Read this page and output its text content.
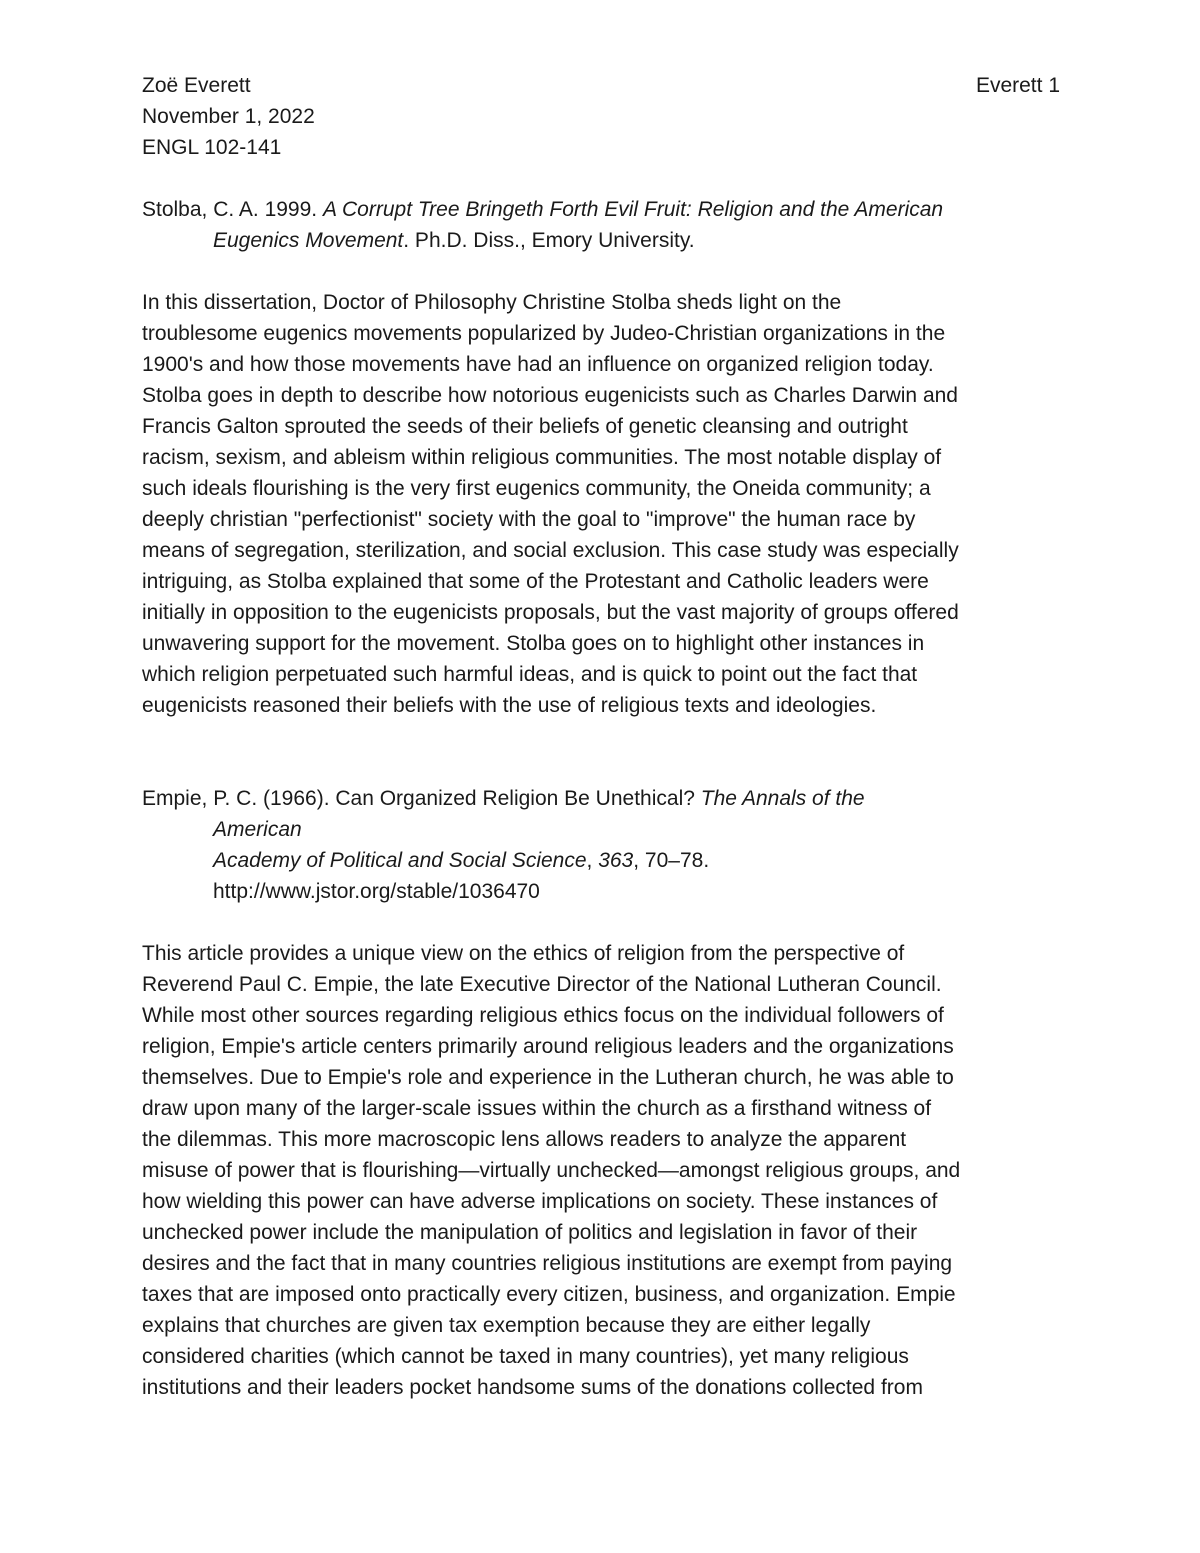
Zoë Everett	Everett 1
November 1, 2022
ENGL 102-141
Stolba, C. A. 1999. A Corrupt Tree Bringeth Forth Evil Fruit: Religion and the American
Eugenics Movement. Ph.D. Diss., Emory University.
In this dissertation, Doctor of Philosophy Christine Stolba sheds light on the
troublesome eugenics movements popularized by Judeo-Christian organizations in the
1900's and how those movements have had an influence on organized religion today.
Stolba goes in depth to describe how notorious eugenicists such as Charles Darwin and
Francis Galton sprouted the seeds of their beliefs of genetic cleansing and outright
racism, sexism, and ableism within religious communities. The most notable display of
such ideals flourishing is the very first eugenics community, the Oneida community; a
deeply christian "perfectionist" society with the goal to "improve" the human race by
means of segregation, sterilization, and social exclusion. This case study was especially
intriguing, as Stolba explained that some of the Protestant and Catholic leaders were
initially in opposition to the eugenicists proposals, but the vast majority of groups offered
unwavering support for the movement. Stolba goes on to highlight other instances in
which religion perpetuated such harmful ideas, and is quick to point out the fact that
eugenicists reasoned their beliefs with the use of religious texts and ideologies.
Empie, P. C. (1966). Can Organized Religion Be Unethical? The Annals of the
American
Academy of Political and Social Science, 363, 70–78.
http://www.jstor.org/stable/1036470
This article provides a unique view on the ethics of religion from the perspective of
Reverend Paul C. Empie, the late Executive Director of the National Lutheran Council.
While most other sources regarding religious ethics focus on the individual followers of
religion, Empie's article centers primarily around religious leaders and the organizations
themselves. Due to Empie's role and experience in the Lutheran church, he was able to
draw upon many of the larger-scale issues within the church as a firsthand witness of
the dilemmas. This more macroscopic lens allows readers to analyze the apparent
misuse of power that is flourishing—virtually unchecked—amongst religious groups, and
how wielding this power can have adverse implications on society. These instances of
unchecked power include the manipulation of politics and legislation in favor of their
desires and the fact that in many countries religious institutions are exempt from paying
taxes that are imposed onto practically every citizen, business, and organization. Empie
explains that churches are given tax exemption because they are either legally
considered charities (which cannot be taxed in many countries), yet many religious
institutions and their leaders pocket handsome sums of the donations collected from
